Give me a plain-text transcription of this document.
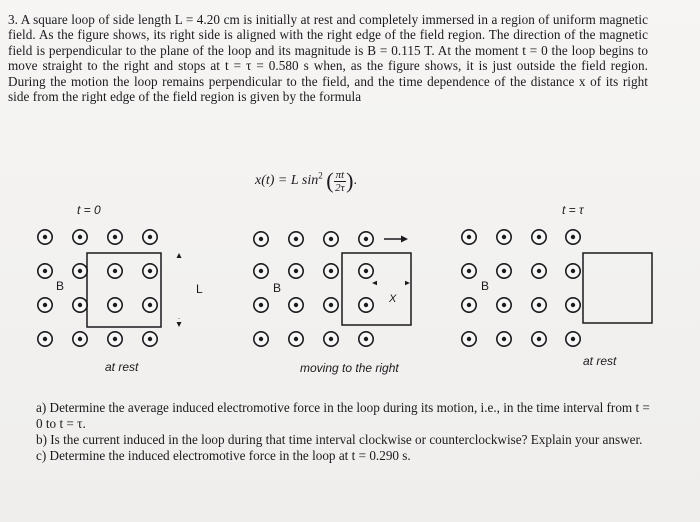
3. A square loop of side length L = 4.20 cm is initially at rest and completely immersed in a region of uniform magnetic field. As the figure shows, its right side is aligned with the right edge of the field region. The direction of the magnetic field is perpendicular to the plane of the loop and its magnitude is B = 0.115 T. At the moment t = 0 the loop begins to move straight to the right and stops at t = τ = 0.580 s when, as the figure shows, it is just outside the field region. During the motion the loop remains perpendicular to the field, and the time dependence of the distance x of its right side from the right edge of the field region is given by the formula

x(t) = L $\sin^2$ ( $\frac{\pi t}{2\tau}$ ).
t = 0	t = τ
B	L	B
X
B
at rest	moving to the right	at rest

a) Determine the average induced electromotive force in the loop during its motion, i.e., in the time interval from t = 0 to t = τ.

b) Is the current induced in the loop during that time interval clockwise or counterclockwise? Explain your answer.

c) Determine the induced electromotive force in the loop at t = 0.290 s.
